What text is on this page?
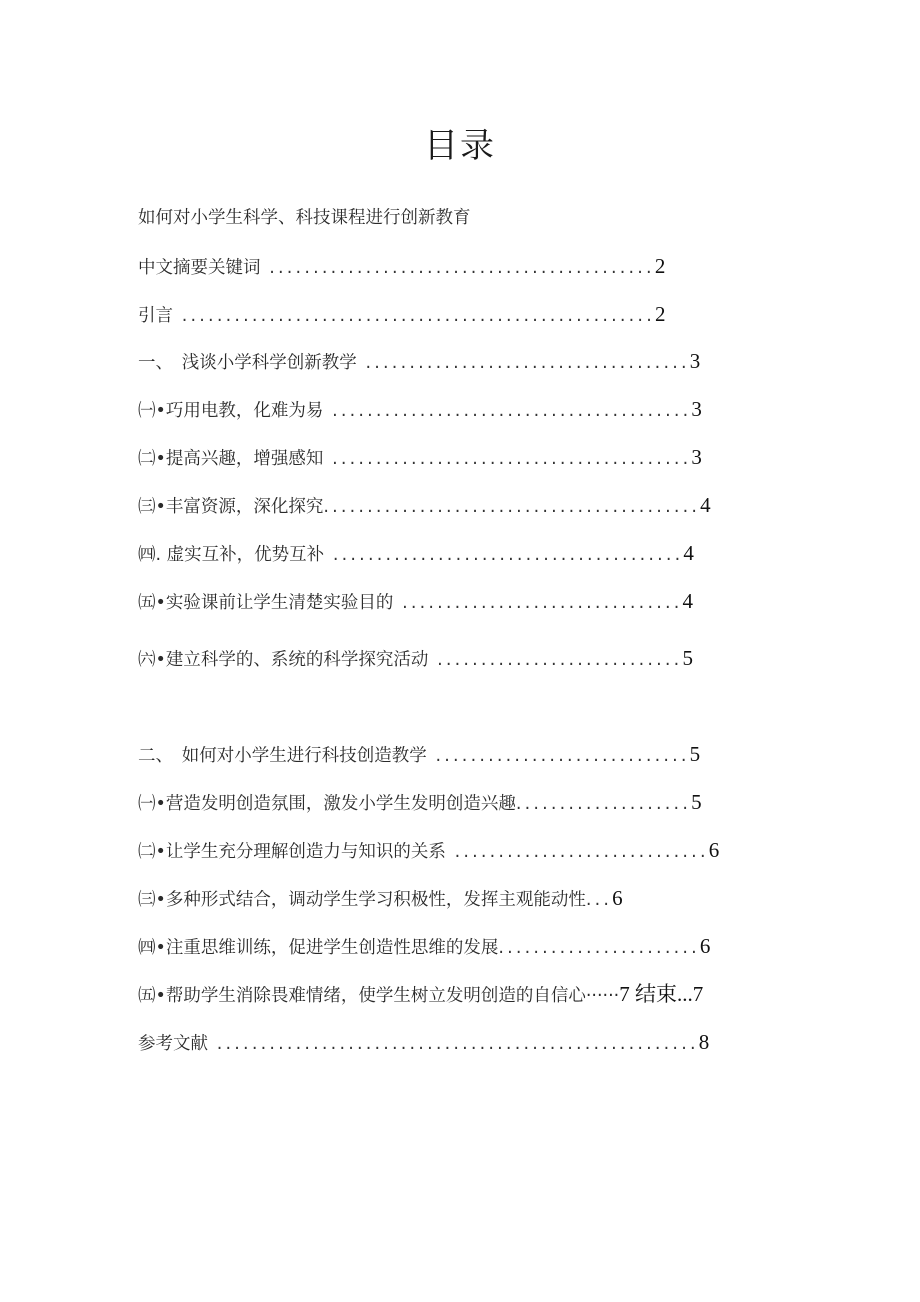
目录
如何对小学生科学、科技课程进行创新教育
中文摘要关键词 ............................................2
引言 ......................................................2
一、　浅谈小学科学创新教学 .....................................3
㈠•巧用电教，化难为易 .........................................3
㈡•提高兴趣，增强感知 .........................................3
㈢•丰富资源，深化探究...........................................4
㈣. 虚实互补，优势互补 ........................................4
㈤•实验课前让学生清楚实验目的 ................................4
㈥•建立科学的、系统的科学探究活动 ............................5
二、　如何对小学生进行科技创造教学 .............................5
㈠•营造发明创造氛围，激发小学生发明创造兴趣....................5
㈡•让学生充分理解创造力与知识的关系 .............................6
㈢•多种形式结合，调动学生学习积极性，发挥主观能动性...6
㈣•注重思维训练，促进学生创造性思维的发展.......................6
㈤•帮助学生消除畏难情绪，使学生树立发明创造的自信心······7 结束...7
参考文献 .......................................................8
